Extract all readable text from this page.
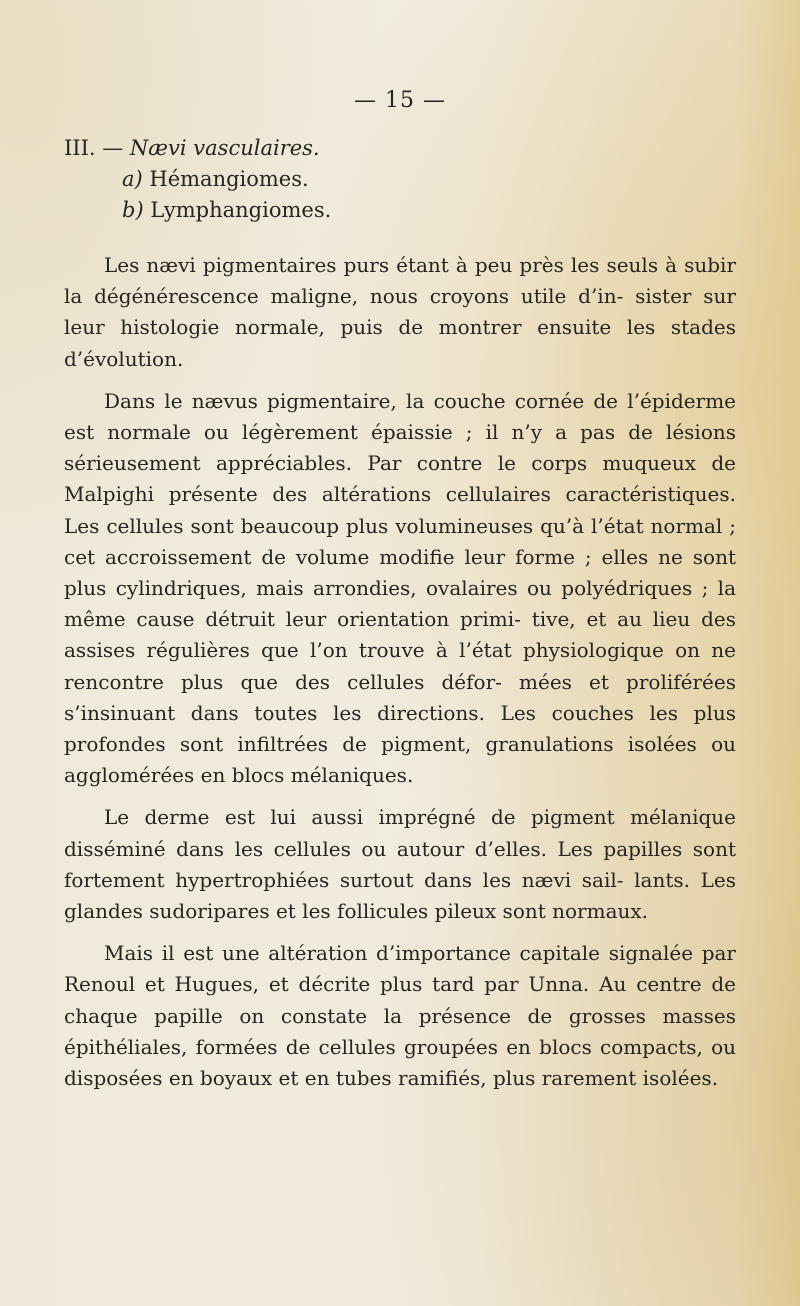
— 15 —
III. — Nævi vasculaires.
a) Hémangiomes.
b) Lymphangiomes.

Les nævi pigmentaires purs étant à peu près les seuls à subir la dégénérescence maligne, nous croyons utile d’in- sister sur leur histologie normale, puis de montrer ensuite les stades d’évolution.

Dans le nævus pigmentaire, la couche cornée de l’épiderme est normale ou légèrement épaissie ; il n’y a pas de lésions sérieusement appréciables. Par contre le corps muqueux de Malpighi présente des altérations cellulaires caractéristiques. Les cellules sont beaucoup plus volumineuses qu’à l’état normal ; cet accroissement de volume modifie leur forme ; elles ne sont plus cylindriques, mais arrondies, ovalaires ou polyédriques ; la même cause détruit leur orientation primi- tive, et au lieu des assises régulières que l’on trouve à l’état physiologique on ne rencontre plus que des cellules défor- mées et proliférées s’insinuant dans toutes les directions. Les couches les plus profondes sont infiltrées de pigment, granulations isolées ou agglomérées en blocs mélaniques.

Le derme est lui aussi imprégné de pigment mélanique disséminé dans les cellules ou autour d’elles. Les papilles sont fortement hypertrophiées surtout dans les nævi sail- lants. Les glandes sudoripares et les follicules pileux sont normaux.

Mais il est une altération d’importance capitale signalée par Renoul et Hugues, et décrite plus tard par Unna. Au centre de chaque papille on constate la présence de grosses masses épithéliales, formées de cellules groupées en blocs compacts, ou disposées en boyaux et en tubes ramifiés, plus rarement isolées.
